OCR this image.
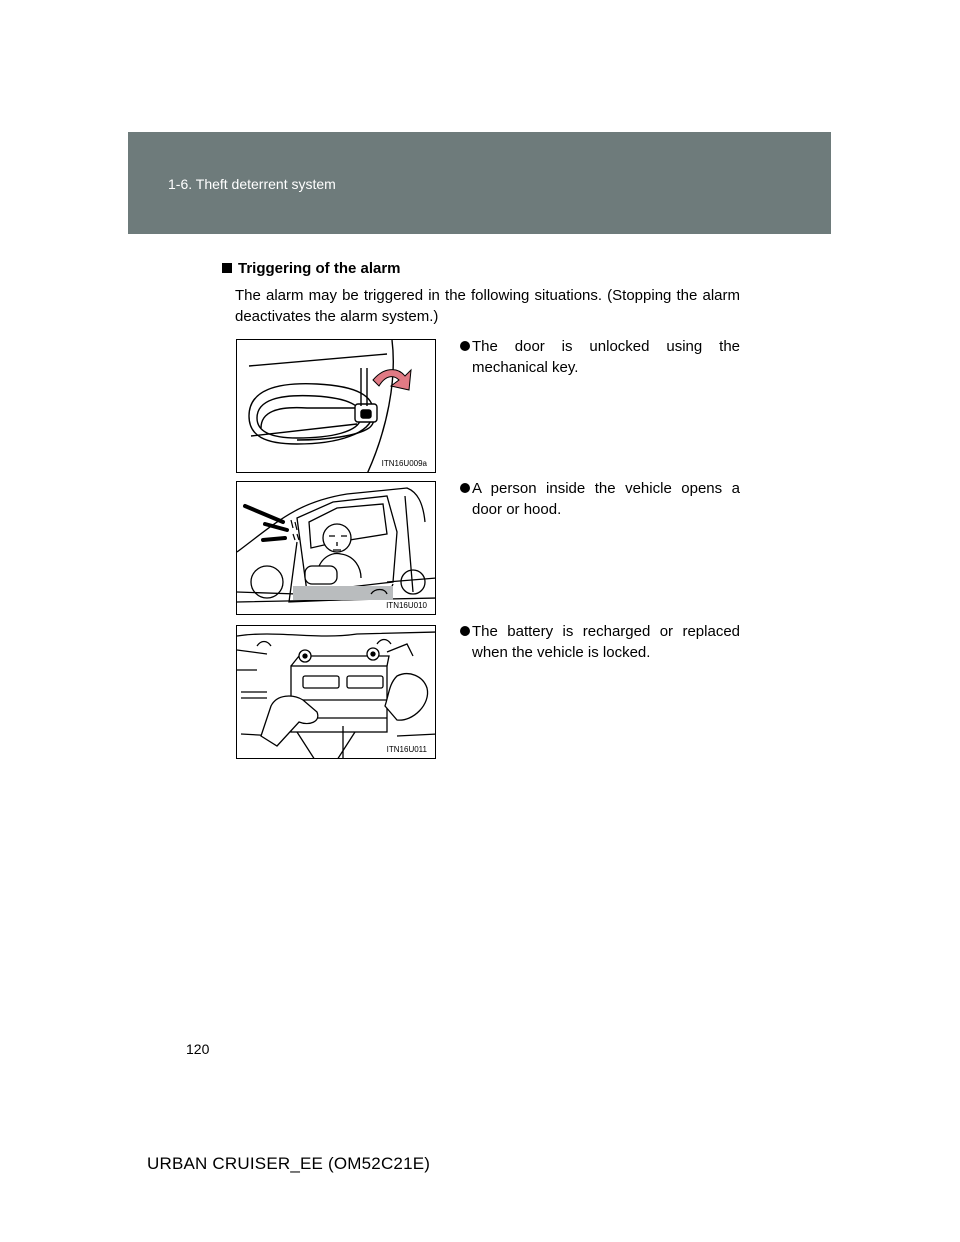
1-6. Theft deterrent system
Triggering of the alarm
The alarm may be triggered in the following situations. (Stopping the alarm deactivates the alarm system.)
ITN16U009a
The door is unlocked using the mechanical key.
ITN16U010
A person inside the vehicle opens a door or hood.
ITN16U011
The battery is recharged or replaced when the vehicle is locked.
120
URBAN CRUISER_EE (OM52C21E)
